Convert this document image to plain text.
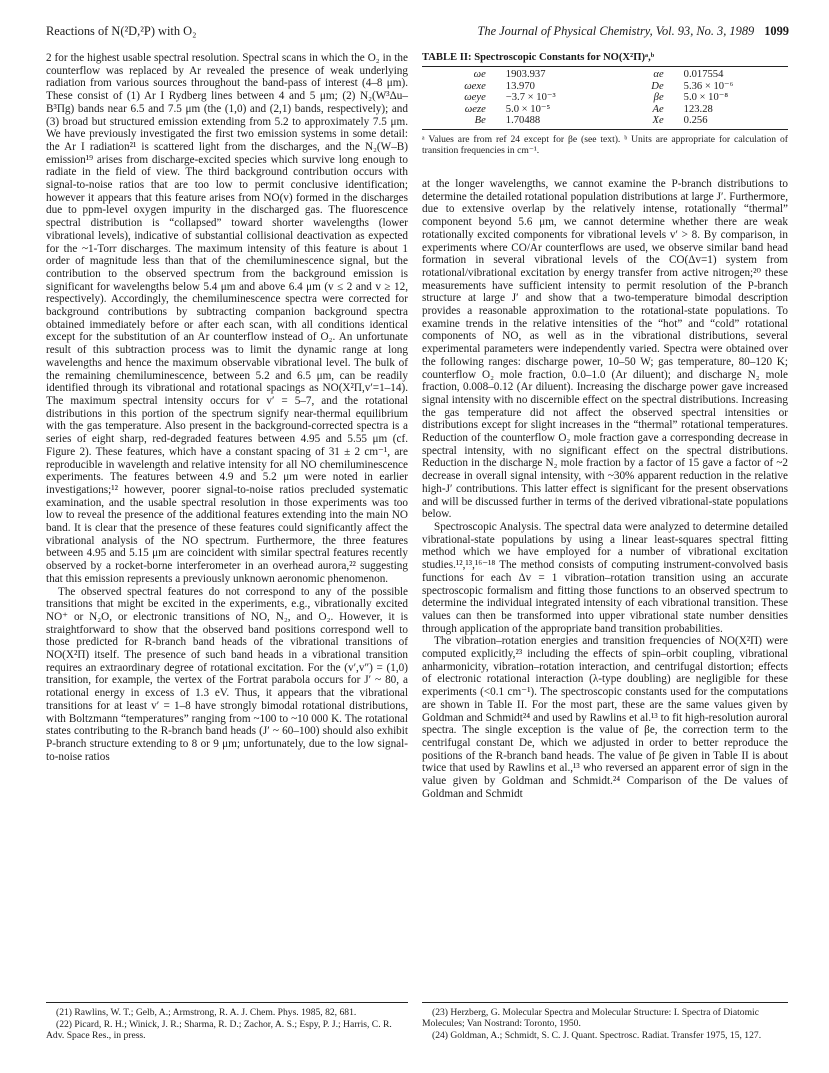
Reactions of N(²D,²P) with O₂	The Journal of Physical Chemistry, Vol. 93, No. 3, 1989 1099

2 for the highest usable spectral resolution. Spectral scans in which the O₂ in the counterflow was replaced by Ar revealed the presence of weak underlying radiation from various sources throughout the band-pass of interest (4–8 μm). These consist of (1) Ar I Rydberg lines between 4 and 5 μm; (2) N₂(W³Δu–B³Πg) bands near 6.5 and 7.5 μm (the (1,0) and (2,1) bands, respectively); and (3) broad but structured emission extending from 5.2 to approximately 7.5 μm. We have previously investigated the first two emission systems in some detail: the Ar I radiation²¹ is scattered light from the discharges, and the N₂(W–B) emission¹⁹ arises from discharge-excited species which survive long enough to radiate in the field of view. The third background contribution occurs with signal-to-noise ratios that are too low to permit conclusive identification; however it appears that this feature arises from NO(v) formed in the discharges due to ppm-level oxygen impurity in the discharged gas. The fluorescence spectral distribution is “collapsed” toward shorter wavelengths (lower vibrational levels), indicative of substantial collisional deactivation as expected for the ~1-Torr discharges. The maximum intensity of this feature is about 1 order of magnitude less than that of the chemiluminescence signal, but the contribution to the observed spectrum from the background emission is significant for wavelengths below 5.4 μm and above 6.4 μm (v ≤ 2 and v ≥ 12, respectively). Accordingly, the chemiluminescence spectra were corrected for background contributions by subtracting companion background spectra obtained immediately before or after each scan, with all conditions identical except for the substitution of an Ar counterflow instead of O₂. An unfortunate result of this subtraction process was to limit the dynamic range at long wavelengths and hence the maximum observable vibrational level. The bulk of the remaining chemiluminescence, between 5.2 and 6.5 μm, can be readily identified through its vibrational and rotational spacings as NO(X²Π,v′=1–14). The maximum spectral intensity occurs for v′ = 5–7, and the rotational distributions in this portion of the spectrum signify near-thermal equilibrium with the gas temperature. Also present in the background-corrected spectra is a series of eight sharp, red-degraded features between 4.95 and 5.55 μm (cf. Figure 2). These features, which have a constant spacing of 31 ± 2 cm⁻¹, are reproducible in wavelength and relative intensity for all NO chemiluminescence experiments. The features between 4.9 and 5.2 μm were noted in earlier investigations;¹² however, poorer signal-to-noise ratios precluded systematic examination, and the usable spectral resolution in those experiments was too low to reveal the presence of the additional features extending into the main NO band. It is clear that the presence of these features could significantly affect the vibrational analysis of the NO spectrum. Furthermore, the three features between 4.95 and 5.15 μm are coincident with similar spectral features recently observed by a rocket-borne interferometer in an overhead aurora,²² suggesting that this emission represents a previously unknown aeronomic phenomenon.

The observed spectral features do not correspond to any of the possible transitions that might be excited in the experiments, e.g., vibrationally excited NO⁺ or N₂O, or electronic transitions of NO, N₂, and O₂. However, it is straightforward to show that the observed band positions correspond well to those predicted for R-branch band heads of the vibrational transitions of NO(X²Π) itself. The presence of such band heads in a vibrational transition requires an extraordinary degree of rotational excitation. For the (v′,v″) = (1,0) transition, for example, the vertex of the Fortrat parabola occurs for J′ ~ 80, a rotational energy in excess of 1.3 eV. Thus, it appears that the vibrational transitions for at least v′ = 1–8 have strongly bimodal rotational distributions, with Boltzmann “temperatures” ranging from ~100 to ~10 000 K. The rotational states contributing to the R-branch band heads (J′ ~ 60–100) should also exhibit P-branch structure extending to 8 or 9 μm; unfortunately, due to the low signal-to-noise ratios

TABLE II: Spectroscopic Constants for NO(X²Π)ᵃ,ᵇ
ωe	1903.937	αe	0.017554
ωexe	13.970	De	5.36 × 10⁻⁶
ωeye	−3.7 × 10⁻³	βe	5.0 × 10⁻⁸
ωeze	5.0 × 10⁻⁵	Ae	123.28
Be	1.70488	Xe	0.256
ᵃ Values are from ref 24 except for βe (see text). ᵇ Units are appropriate for calculation of transition frequencies in cm⁻¹.

at the longer wavelengths, we cannot examine the P-branch distributions to determine the detailed rotational population distributions at large J′. Furthermore, due to extensive overlap by the relatively intense, rotationally “thermal” component beyond 5.6 μm, we cannot determine whether there are weak rotationally excited components for vibrational levels v′ > 8. By comparison, in experiments where CO/Ar counterflows are used, we observe similar band head formation in several vibrational levels of the CO(Δv=1) system from rotational/vibrational excitation by energy transfer from active nitrogen;²⁰ these measurements have sufficient intensity to permit resolution of the P-branch structure at large J′ and show that a two-temperature bimodal description provides a reasonable approximation to the rotational-state populations. To examine trends in the relative intensities of the “hot” and “cold” rotational components of NO, as well as in the vibrational distributions, several experimental parameters were independently varied. Spectra were obtained over the following ranges: discharge power, 10–50 W; gas temperature, 80–120 K; counterflow O₂ mole fraction, 0.0–1.0 (Ar diluent); and discharge N₂ mole fraction, 0.008–0.12 (Ar diluent). Increasing the discharge power gave increased signal intensity with no discernible effect on the spectral distributions. Increasing the gas temperature did not affect the observed spectral intensities or distributions except for slight increases in the “thermal” rotational temperatures. Reduction of the counterflow O₂ mole fraction gave a corresponding decrease in spectral intensity, with no significant effect on the spectral distributions. Reduction in the discharge N₂ mole fraction by a factor of 15 gave a factor of ~2 decrease in overall signal intensity, with ~30% apparent reduction in the relative high-J′ contributions. This latter effect is significant for the present observations and will be discussed further in terms of the derived vibrational-state populations below.

Spectroscopic Analysis. The spectral data were analyzed to determine detailed vibrational-state populations by using a linear least-squares spectral fitting method which we have employed for a number of vibrational excitation studies.¹²,¹³,¹⁶⁻¹⁸ The method consists of computing instrument-convolved basis functions for each Δv = 1 vibration–rotation transition using an accurate spectroscopic formalism and fitting those functions to an observed spectrum to determine the individual integrated intensity of each vibrational transition. These values can then be transformed into upper vibrational state number densities through application of the appropriate band transition probabilities.

The vibration–rotation energies and transition frequencies of NO(X²Π) were computed explicitly,²³ including the effects of spin–orbit coupling, vibrational anharmonicity, vibration–rotation interaction, and centrifugal distortion; effects of electronic rotational interaction (λ-type doubling) are negligible for these experiments (<0.1 cm⁻¹). The spectroscopic constants used for the computations are shown in Table II. For the most part, these are the same values given by Goldman and Schmidt²⁴ and used by Rawlins et al.¹³ to fit high-resolution auroral spectra. The single exception is the value of βe, the correction term to the centrifugal constant De, which we adjusted in order to better reproduce the positions of the R-branch band heads. The value of βe given in Table II is about twice that used by Rawlins et al.,¹³ who reversed an apparent error of sign in the value given by Goldman and Schmidt.²⁴ Comparison of the De values of Goldman and Schmidt

(21) Rawlins, W. T.; Gelb, A.; Armstrong, R. A. J. Chem. Phys. 1985, 82, 681.

(22) Picard, R. H.; Winick, J. R.; Sharma, R. D.; Zachor, A. S.; Espy, P. J.; Harris, C. R. Adv. Space Res., in press.

(23) Herzberg, G. Molecular Spectra and Molecular Structure: I. Spectra of Diatomic Molecules; Van Nostrand: Toronto, 1950.

(24) Goldman, A.; Schmidt, S. C. J. Quant. Spectrosc. Radiat. Transfer 1975, 15, 127.
